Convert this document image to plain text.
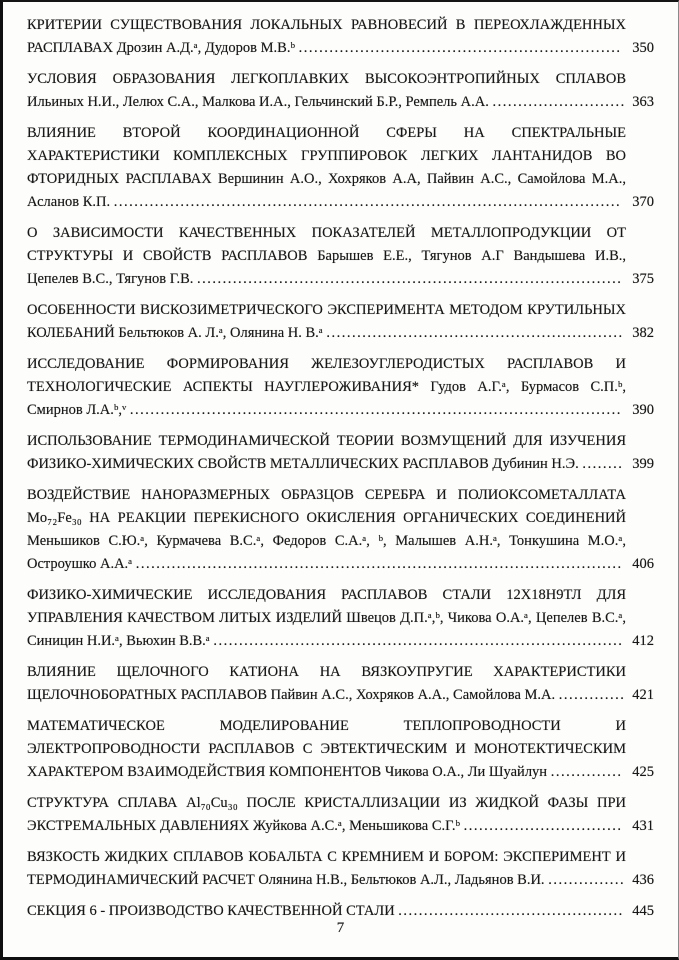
КРИТЕРИИ СУЩЕСТВОВАНИЯ ЛОКАЛЬНЫХ РАВНОВЕСИЙ В ПЕРЕОХЛАЖДЕННЫХ РАСПЛАВАХ Дрозин А.Д.ᵃ, Дудоров М.В.ᵇ ............................................................... 350
УСЛОВИЯ ОБРАЗОВАНИЯ ЛЕГКОПЛАВКИХ ВЫСОКОЭНТРОПИЙНЫХ СПЛАВОВ Ильиных Н.И., Лелюх С.А., Малкова И.А., Гельчинский Б.Р., Ремпель А.А. .......................... 363
ВЛИЯНИЕ ВТОРОЙ КООРДИНАЦИОННОЙ СФЕРЫ НА СПЕКТРАЛЬНЫЕ ХАРАКТЕРИСТИКИ КОМПЛЕКСНЫХ ГРУППИРОВОК ЛЕГКИХ ЛАНТАНИДОВ ВО ФТОРИДНЫХ РАСПЛАВАХ Вершинин А.О., Хохряков А.А, Пайвин А.С., Самойлова М.А., Асланов К.П. ................................................................................................... 370
О ЗАВИСИМОСТИ КАЧЕСТВЕННЫХ ПОКАЗАТЕЛЕЙ МЕТАЛЛОПРОДУКЦИИ ОТ СТРУКТУРЫ И СВОЙСТВ РАСПЛАВОВ Барышев Е.Е., Тягунов А.Г Вандышева И.В., Цепелев В.С., Тягунов Г.В. ................................................................................... 375
ОСОБЕННОСТИ ВИСКОЗИМЕТРИЧЕСКОГО ЭКСПЕРИМЕНТА МЕТОДОМ КРУТИЛЬНЫХ КОЛЕБАНИЙ Бельтюков А. Л.ᵃ, Олянина Н. В.ᵃ .......................................................... 382
ИССЛЕДОВАНИЕ ФОРМИРОВАНИЯ ЖЕЛЕЗОУГЛЕРОДИСТЫХ РАСПЛАВОВ И ТЕХНОЛОГИЧЕСКИЕ АСПЕКТЫ НАУГЛЕРОЖИВАНИЯ* Гудов А.Г.ᵃ, Бурмасов С.П.ᵇ, Смирнов Л.А.ᵇ,ᵛ ................................................................................................ 390
ИСПОЛЬЗОВАНИЕ ТЕРМОДИНАМИЧЕСКОЙ ТЕОРИИ ВОЗМУЩЕНИЙ ДЛЯ ИЗУЧЕНИЯ ФИЗИКО-ХИМИЧЕСКИХ СВОЙСТВ МЕТАЛЛИЧЕСКИХ РАСПЛАВОВ Дубинин Н.Э. ........ 399
ВОЗДЕЙСТВИЕ НАНОРАЗМЕРНЫХ ОБРАЗЦОВ СЕРЕБРА И ПОЛИОКСОМЕТАЛЛАТА Mo₇₂Fe₃₀ НА РЕАКЦИИ ПЕРЕКИСНОГО ОКИСЛЕНИЯ ОРГАНИЧЕСКИХ СОЕДИНЕНИЙ Меньшиков С.Ю.ᵃ, Курмачева В.С.ᵃ, Федоров С.А.ᵃ, ᵇ, Малышев А.Н.ᵃ, Тонкушина М.О.ᵃ, Остроушко А.А.ᵃ ............................................................................................... 406
ФИЗИКО-ХИМИЧЕСКИЕ ИССЛЕДОВАНИЯ РАСПЛАВОВ СТАЛИ 12Х18Н9ТЛ ДЛЯ УПРАВЛЕНИЯ КАЧЕСТВОМ ЛИТЫХ ИЗДЕЛИЙ Швецов Д.П.ᵃ,ᵇ, Чикова О.А.ᵃ, Цепелев В.С.ᵃ, Синицин Н.И.ᵃ, Вьюхин В.В.ᵃ ................................................................................ 412
ВЛИЯНИЕ ЩЕЛОЧНОГО КАТИОНА НА ВЯЗКОУПРУГИЕ ХАРАКТЕРИСТИКИ ЩЕЛОЧНОБОРАТНЫХ РАСПЛАВОВ Пайвин А.С., Хохряков А.А., Самойлова М.А. ............. 421
МАТЕМАТИЧЕСКОЕ МОДЕЛИРОВАНИЕ ТЕПЛОПРОВОДНОСТИ И ЭЛЕКТРОПРОВОДНОСТИ РАСПЛАВОВ С ЭВТЕКТИЧЕСКИМ И МОНОТЕКТИЧЕСКИМ ХАРАКТЕРОМ ВЗАИМОДЕЙСТВИЯ КОМПОНЕНТОВ Чикова О.А., Ли Шуайлун .............. 425
СТРУКТУРА СПЛАВА Al₇₀Cu₃₀ ПОСЛЕ КРИСТАЛЛИЗАЦИИ ИЗ ЖИДКОЙ ФАЗЫ ПРИ ЭКСТРЕМАЛЬНЫХ ДАВЛЕНИЯХ Жуйкова А.С.ᵃ, Меньшикова С.Г.ᵇ ............................... 431
ВЯЗКОСТЬ ЖИДКИХ СПЛАВОВ КОБАЛЬТА С КРЕМНИЕМ И БОРОМ: ЭКСПЕРИМЕНТ И ТЕРМОДИНАМИЧЕСКИЙ РАСЧЕТ Олянина Н.В., Бельтюков А.Л., Ладьянов В.И. ............... 436
СЕКЦИЯ 6 - ПРОИЗВОДСТВО КАЧЕСТВЕННОЙ СТАЛИ ............................................ 445
7
